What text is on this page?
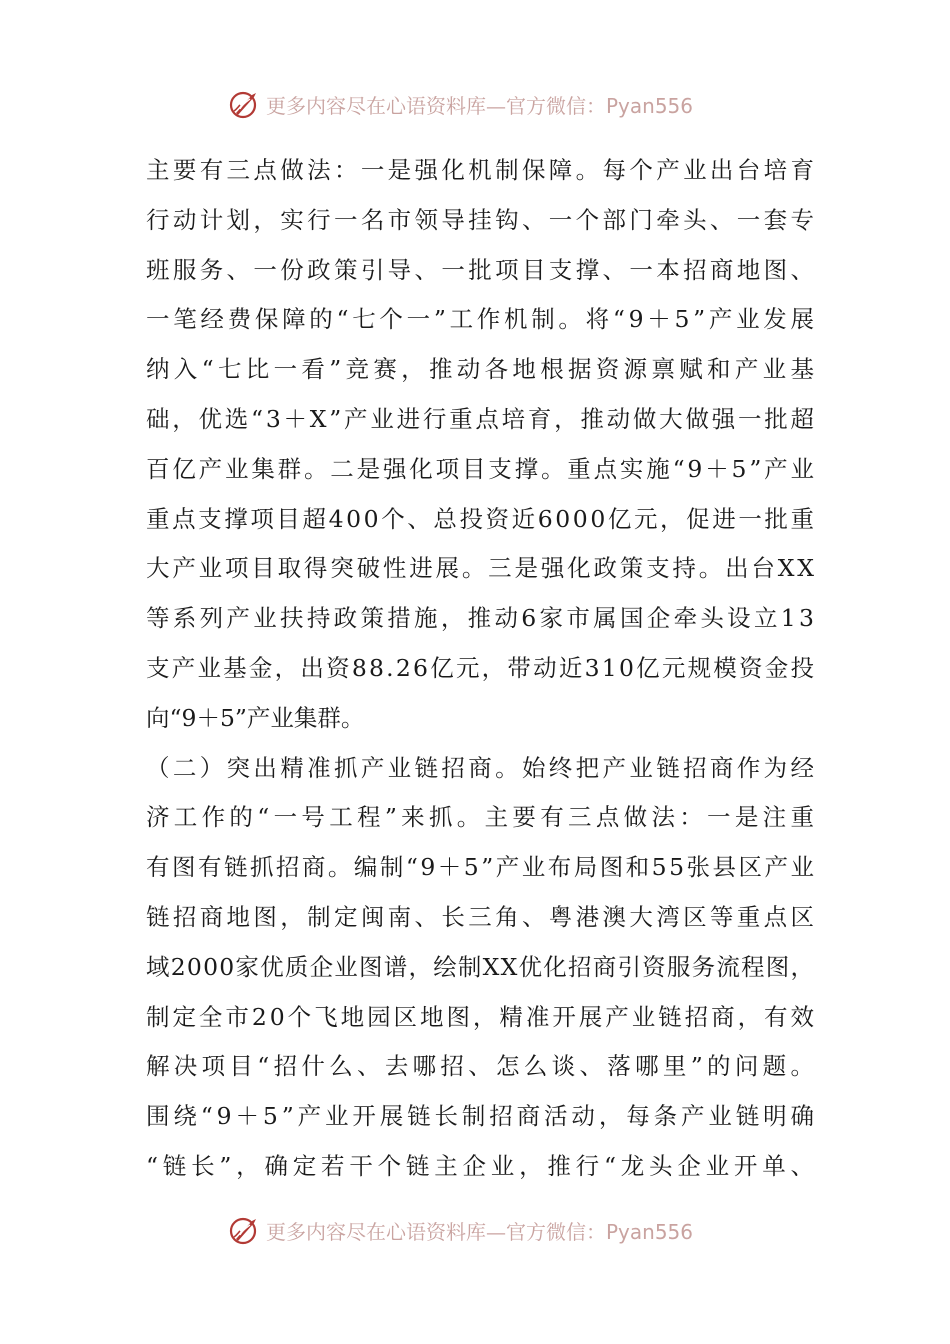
更多内容尽在心语资料库—官方微信：Pyan556
主要有三点做法：一是强化机制保障。每个产业出台培育
行动计划，实行一名市领导挂钩、一个部门牵头、一套专
班服务、一份政策引导、一批项目支撑、一本招商地图、
一笔经费保障的“七个一”工作机制。将“9＋5”产业发展
纳入“七比一看”竞赛，推动各地根据资源禀赋和产业基
础，优选“3＋X”产业进行重点培育，推动做大做强一批超
百亿产业集群。二是强化项目支撑。重点实施“9＋5”产业
重点支撑项目超400个、总投资近6000亿元，促进一批重
大产业项目取得突破性进展。三是强化政策支持。出台XX
等系列产业扶持政策措施，推动6家市属国企牵头设立13
支产业基金，出资88.26亿元，带动近310亿元规模资金投
向“9＋5”产业集群。
（二）突出精准抓产业链招商。始终把产业链招商作为经
济工作的“一号工程”来抓。主要有三点做法：一是注重
有图有链抓招商。编制“9＋5”产业布局图和55张县区产业
链招商地图，制定闽南、长三角、粤港澳大湾区等重点区
域2000家优质企业图谱，绘制XX优化招商引资服务流程图，
制定全市20个飞地园区地图，精准开展产业链招商，有效
解决项目“招什么、去哪招、怎么谈、落哪里”的问题。
围绕“9＋5”产业开展链长制招商活动，每条产业链明确
“链长”，确定若干个链主企业，推行“龙头企业开单、
更多内容尽在心语资料库—官方微信：Pyan556
